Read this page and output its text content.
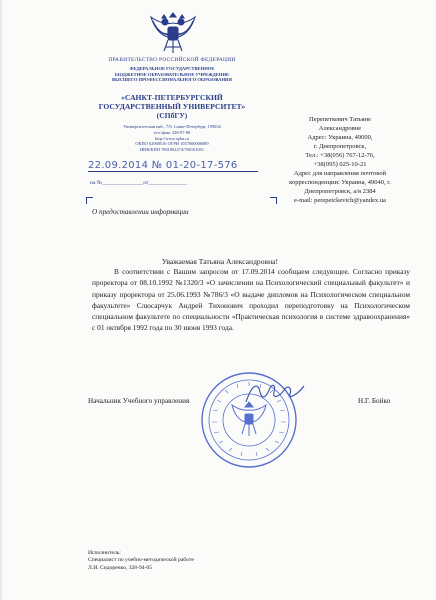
ПРАВИТЕЛЬСТВО РОССИЙСКОЙ ФЕДЕРАЦИИ
ФЕДЕРАЛЬНОЕ ГОСУДАРСТВЕННОЕ
БЮДЖЕТНОЕ ОБРАЗОВАТЕЛЬНОЕ УЧРЕЖДЕНИЕ
ВЫСШЕГО ПРОФЕССИОНАЛЬНОГО ОБРАЗОВАНИЯ
«САНКТ-ПЕТЕРБУРГСКИЙ
ГОСУДАРСТВЕННЫЙ УНИВЕРСИТЕТ»
(СПбГУ)
Университетская наб., 7/9, Санкт-Петербург, 199034
тел./факс 328-97-88
http://www.spbu.ru
ОКПО 02068516 ОГРН 1037800006089
ИНН/КПП 7801002274/780101001
22.09.2014 № 01-20-17-576
на №_______________от______________
О предоставлении информации
Перепеткевич Татьяне
Александровне
Адрес: Украина, 49000,
г. Днепропетровск,
Тел.: +38(056) 767-12-76,
+38(095) 025-10-21
Адрес для направления почтовой
корреспонденции: Украина, 49040, г.
Днепропетровск, а/я 2384
e-mail: perepetckevich@yandex.ua
Уважаемая Татьяна Александровна!

В соответствии с Вашим запросом от 17.09.2014 сообщаем следующее. Согласно приказу проректора от 08.10.1992 №1320/3 «О зачислении на Психологический специальный факультет» и приказу проректора от 25.06.1993 №786/3 «О выдаче дипломов на Психологическом специальном факультете» Слюсарчук Андрей Тихонович проходил переподготовку на Психологическом специальном факультете по специальности «Практическая психология в системе здравоохранения» с 01 октября 1992 года по 30 июня 1993 года.

Начальник Учебного управления	Н.Г. Бойко
Исполнитель:
Специалист по учебно-методической работе
Л.И. Сидоренко, 328-94-05
